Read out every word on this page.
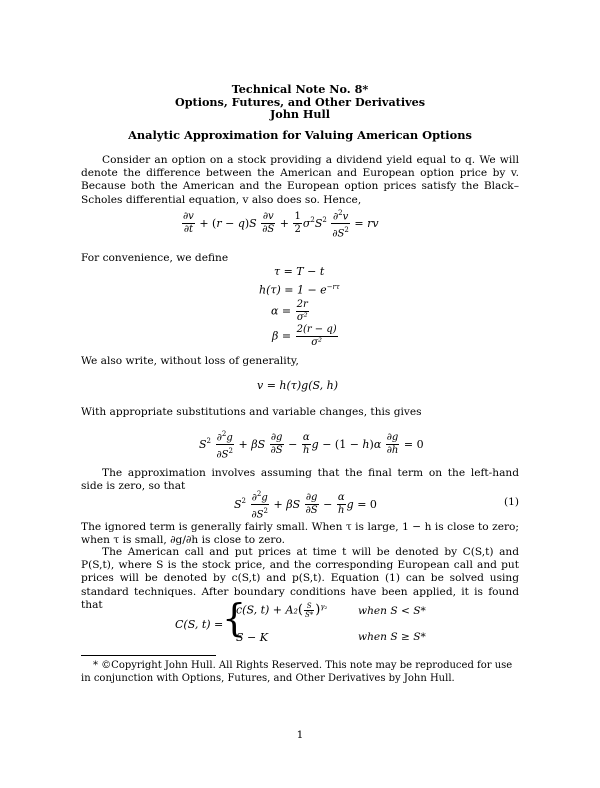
Technical Note No. 8*
Options, Futures, and Other Derivatives
John Hull
Analytic Approximation for Valuing American Options

Consider an option on a stock providing a dividend yield equal to q. We will denote the difference between the American and European option price by v. Because both the American and the European option prices satisfy the Black–Scholes differential equation, v also does so. Hence,

$\frac{\partial v}{\partial t} + (r - q)S \frac{\partial v}{\partial S} + \frac{1}{2} \sigma^2S^2 \frac{\partial^2v}{\partial S^2}$ = rv

For convenience, we define

τ = T − t
$h(\tau) = 1 - e^{-r\tau}$
$\alpha = \frac{2r}{\text{σ²}}$
$\beta = \frac{2(r - q)}{\text{σ²}}$

We also write, without loss of generality,

v = h(τ)g(S, h)

With appropriate substitutions and variable changes, this gives

$S^2 \frac{\partial^2g}{\partial S^2} + \beta S \frac{\partial g}{\partial S} - \frac{\alpha}{h}$ $g - (1 - h)\alpha \frac{\partial g}{\partial h} = 0$

The approximation involves assuming that the final term on the left-hand side is zero, so that

$S^2 \frac{\partial^2g}{\partial S^2} + \beta S \frac{\partial g}{\partial S} - \frac{\alpha}{h}$ g = 0	(1)

The ignored term is generally fairly small. When τ is large, 1 − h is close to zero; when τ is small, ∂g/∂h is close to zero.

The American call and put prices at time t will be denoted by C(S,t) and P(S,t), where S is the stock price, and the corresponding European call and put prices will be denoted by c(S,t) and p(S,t). Equation (1) can be solved using standard techniques. After boundary conditions have been applied, it is found that

C(S, t) =
{
c(S, $t) + A_2( \frac{S}{S*} )^{\gamma_2}$	when S < S*
S − K	when S ≥ S*
* ©Copyright John Hull. All Rights Reserved. This note may be reproduced for use in conjunction with Options, Futures, and Other Derivatives by John Hull.
1
